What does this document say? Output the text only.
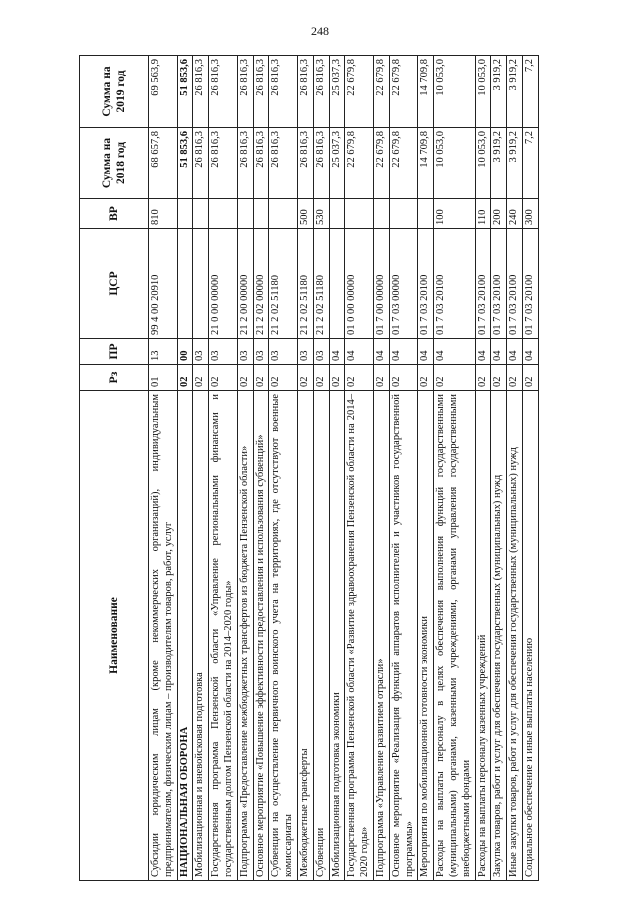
248
Наименование	Рз	ПР	ЦСР	ВР	Сумма на 2018 год	Сумма на 2019 год
Субсидии юридическим лицам (кроме некоммерческих организаций), индивидуальным предпринимателям, физическим лицам – производителям товаров, работ, услуг	01	13	99 4 00 20910	810	68 657,8	69 563,9
НАЦИОНАЛЬНАЯ ОБОРОНА	02	00			51 853,6	51 853,6
Мобилизационная и вневойсковая подготовка	02	03			26 816,3	26 816,3
Государственная программа Пензенской области «Управление региональными финансами и государственным долгом Пензенской области на 2014–2020 годы»	02	03	21 0 00 00000		26 816,3	26 816,3
Подпрограмма «Предоставление межбюджетных трансфертов из бюджета Пензенской области»	02	03	21 2 00 00000		26 816,3	26 816,3
Основное мероприятие «Повышение эффективности предоставления и использования субвенций»	02	03	21 2 02 00000		26 816,3	26 816,3
Субвенции на осуществление первичного воинского учета на территориях, где отсутствуют военные комиссариаты	02	03	21 2 02 51180		26 816,3	26 816,3
Межбюджетные трансферты	02	03	21 2 02 51180	500	26 816,3	26 816,3
Субвенции	02	03	21 2 02 51180	530	26 816,3	26 816,3
Мобилизационная подготовка экономики	02	04			25 037,3	25 037,3
Государственная программа Пензенской области «Развитие здравоохранения Пензенской области на 2014–2020 годы»	02	04	01 0 00 00000		22 679,8	22 679,8
Подпрограмма «Управление развитием отрасли»	02	04	01 7 00 00000		22 679,8	22 679,8
Основное мероприятие «Реализация функций аппаратов исполнителей и участников государственной программы»	02	04	01 7 03 00000		22 679,8	22 679,8
Мероприятия по мобилизационной готовности экономики	02	04	01 7 03 20100		14 709,8	14 709,8
Расходы на выплаты персоналу в целях обеспечения выполнения функций государственными (муниципальными) органами, казенными учреждениями, органами управления государственными внебюджетными фондами	02	04	01 7 03 20100	100	10 053,0	10 053,0
Расходы на выплаты персоналу казенных учреждений	02	04	01 7 03 20100	110	10 053,0	10 053,0
Закупка товаров, работ и услуг для обеспечения государственных (муниципальных) нужд	02	04	01 7 03 20100	200	3 919,2	3 919,2
Иные закупки товаров, работ и услуг для обеспечения государственных (муниципальных) нужд	02	04	01 7 03 20100	240	3 919,2	3 919,2
Социальное обеспечение и иные выплаты населению	02	04	01 7 03 20100	300	7,2	7,2
